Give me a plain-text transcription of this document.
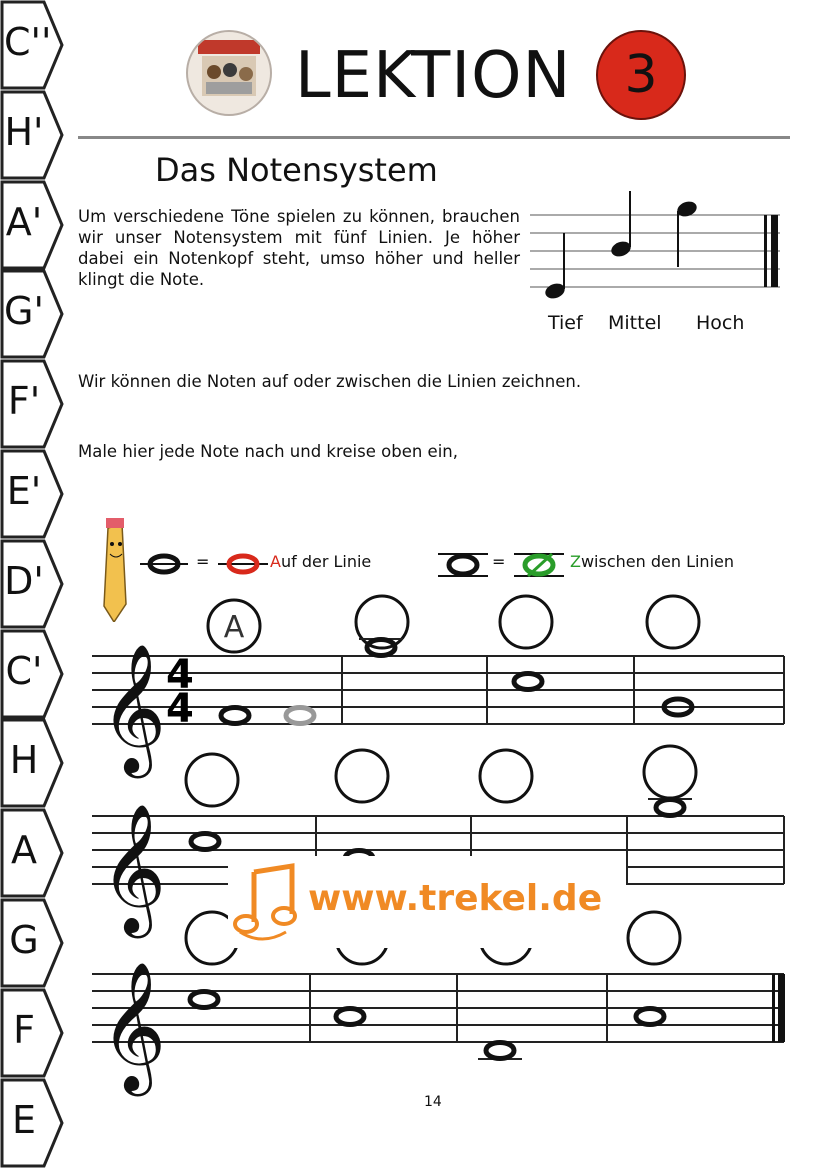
C''
H'
A'
G'
F'
E'
D'
C'
H
A
G
F
E
LEKTION	3
Das Notensystem
Um verschiedene Töne spielen zu können, brauchen wir unser Notensystem mit fünf Linien. Je höher dabei ein Notenkopf steht, umso höher und heller klingt die Note.
Tief Mittel Hoch
Wir können die Noten auf oder zwischen die Linien zeichnen.
Male hier jede Note nach und kreise oben ein,
=	Auf der Linie	=	Zwischen den Linien
𝄞 4
4
A
𝄞
𝄞
www.trekel.de
14
